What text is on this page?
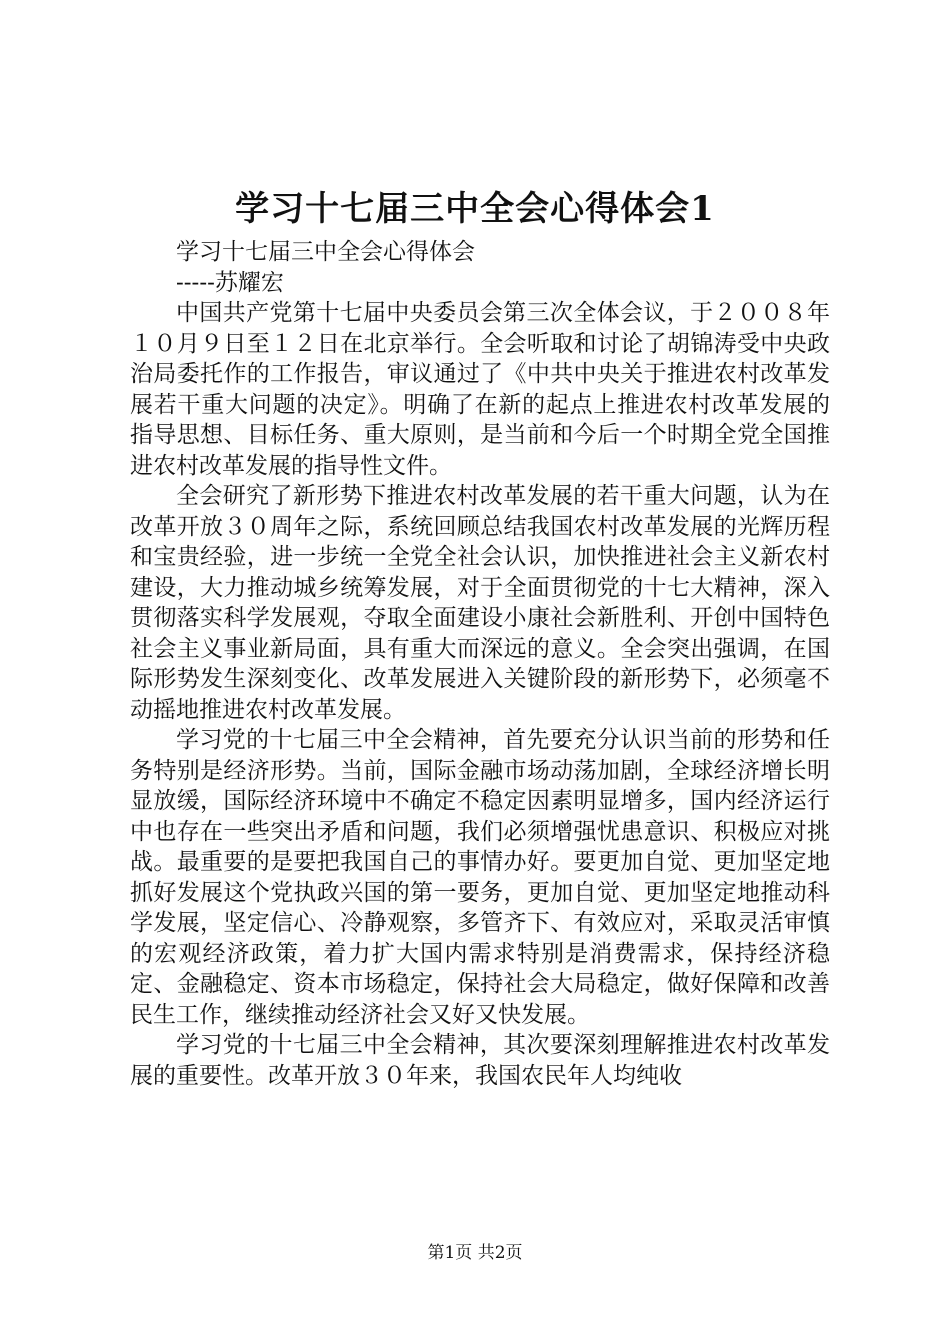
学习十七届三中全会心得体会1

学习十七届三中全会心得体会

-----苏耀宏

中国共产党第十七届中央委员会第三次全体会议，于２００８年１０月９日至１２日在北京举行。全会听取和讨论了胡锦涛受中央政治局委托作的工作报告，审议通过了《中共中央关于推进农村改革发展若干重大问题的决定》。明确了在新的起点上推进农村改革发展的指导思想、目标任务、重大原则，是当前和今后一个时期全党全国推进农村改革发展的指导性文件。

全会研究了新形势下推进农村改革发展的若干重大问题，认为在改革开放３０周年之际，系统回顾总结我国农村改革发展的光辉历程和宝贵经验，进一步统一全党全社会认识，加快推进社会主义新农村建设，大力推动城乡统筹发展，对于全面贯彻党的十七大精神，深入贯彻落实科学发展观，夺取全面建设小康社会新胜利、开创中国特色社会主义事业新局面，具有重大而深远的意义。全会突出强调，在国际形势发生深刻变化、改革发展进入关键阶段的新形势下，必须毫不动摇地推进农村改革发展。

学习党的十七届三中全会精神，首先要充分认识当前的形势和任务特别是经济形势。当前，国际金融市场动荡加剧，全球经济增长明显放缓，国际经济环境中不确定不稳定因素明显增多，国内经济运行中也存在一些突出矛盾和问题，我们必须增强忧患意识、积极应对挑战。最重要的是要把我国自己的事情办好。要更加自觉、更加坚定地抓好发展这个党执政兴国的第一要务，更加自觉、更加坚定地推动科学发展，坚定信心、冷静观察，多管齐下、有效应对，采取灵活审慎的宏观经济政策，着力扩大国内需求特别是消费需求，保持经济稳定、金融稳定、资本市场稳定，保持社会大局稳定，做好保障和改善民生工作，继续推动经济社会又好又快发展。

学习党的十七届三中全会精神，其次要深刻理解推进农村改革发展的重要性。改革开放３０年来，我国农民年人均纯收

第1页 共2页
